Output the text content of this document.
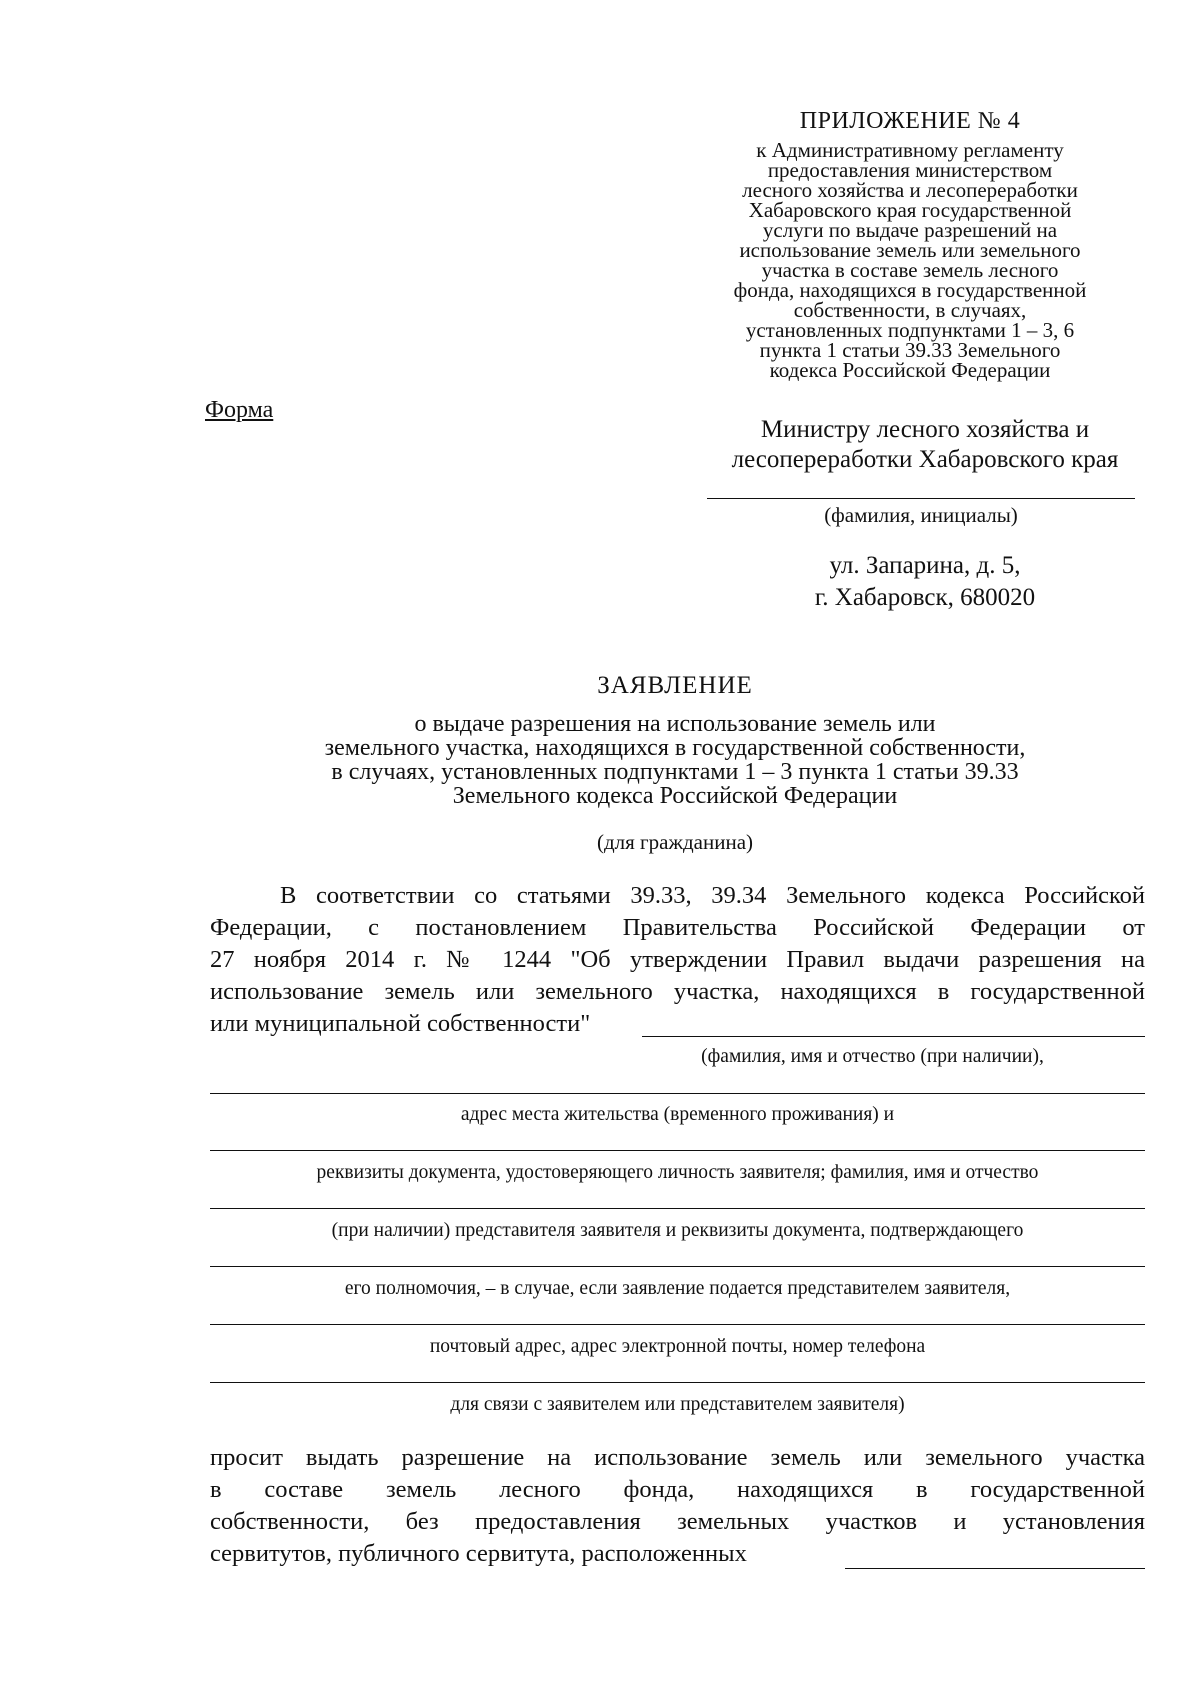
ПРИЛОЖЕНИЕ № 4
к Административному регламенту
предоставления министерством
лесного хозяйства и лесопереработки
Хабаровского края государственной
услуги по выдаче разрешений на
использование земель или земельного
участка в составе земель лесного
фонда, находящихся в государственной
собственности, в случаях,
установленных подпунктами 1 – 3, 6
пункта 1 статьи 39.33 Земельного
кодекса Российской Федерации
Форма
Министру лесного хозяйства и
лесопереработки Хабаровского края
(фамилия, инициалы)
ул. Запарина, д. 5,
г. Хабаровск, 680020
ЗАЯВЛЕНИЕ
о выдаче разрешения на использование земель или
земельного участка, находящихся в государственной собственности,
в случаях, установленных подпунктами 1 – 3 пункта 1 статьи 39.33
Земельного кодекса Российской Федерации
(для гражданина)
В соответствии со статьями 39.33, 39.34 Земельного кодекса Российской
Федерации, с постановлением Правительства Российской Федерации от
27 ноября 2014 г. № 1244 "Об утверждении Правил выдачи разрешения на
использование земель или земельного участка, находящихся в государственной
или муниципальной собственности"
(фамилия, имя и отчество (при наличии),
адрес места жительства (временного проживания) и
реквизиты документа, удостоверяющего личность заявителя; фамилия, имя и отчество
(при наличии) представителя заявителя и реквизиты документа, подтверждающего
его полномочия, – в случае, если заявление подается представителем заявителя,
почтовый адрес, адрес электронной почты, номер телефона
для связи с заявителем или представителем заявителя)
просит выдать разрешение на использование земель или земельного участка
в составе земель лесного фонда, находящихся в государственной
собственности, без предоставления земельных участков и установления
сервитутов, публичного сервитута, расположенных
